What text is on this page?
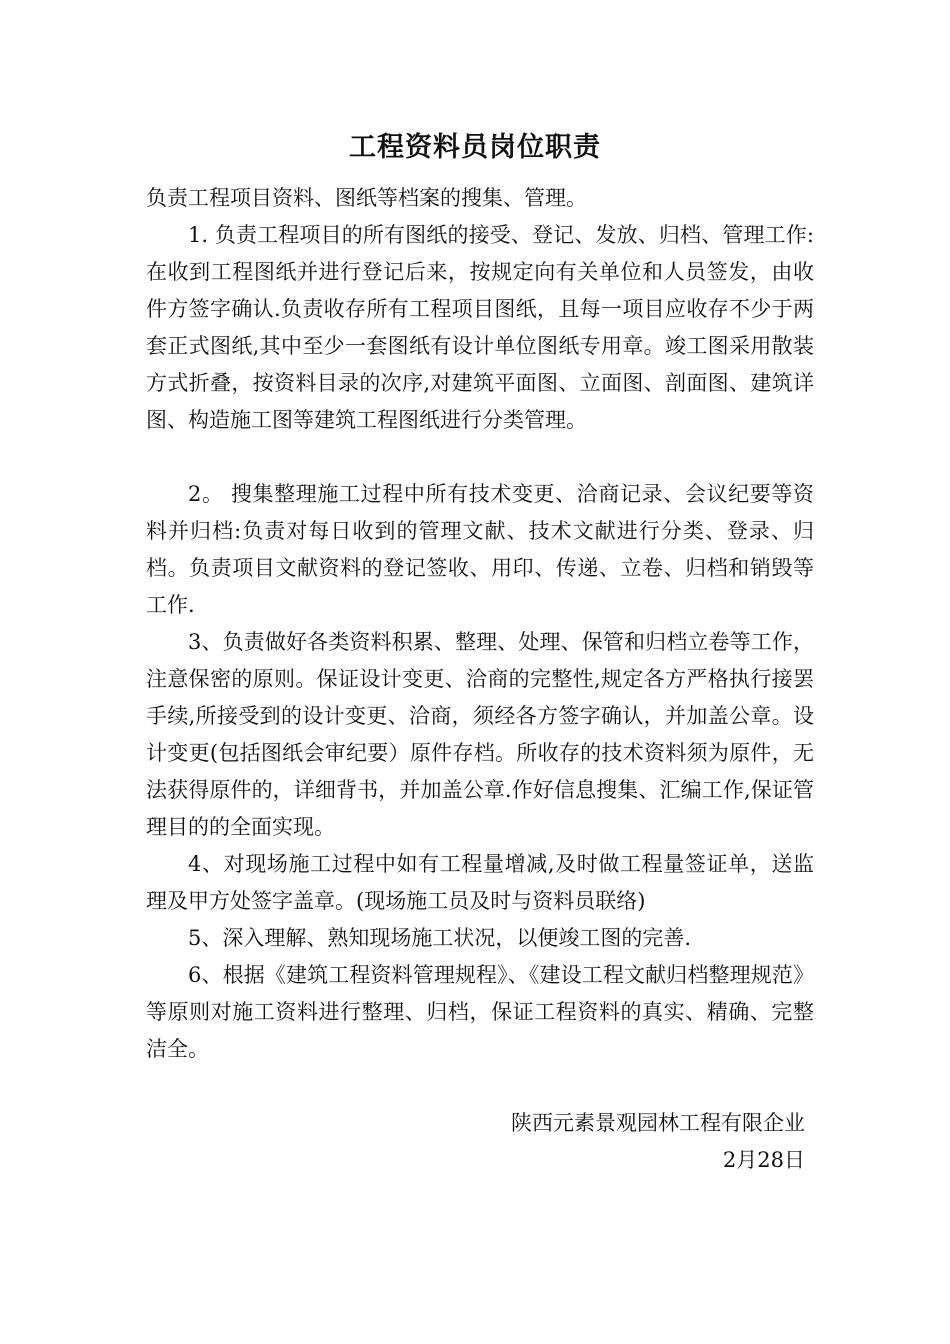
工程资料员岗位职责

负责工程项目资料、图纸等档案的搜集、管理。

1. 负责工程项目的所有图纸的接受、登记、发放、归档、管理工作:在收到工程图纸并进行登记后来，按规定向有关单位和人员签发，由收件方签字确认.负责收存所有工程项目图纸，且每一项目应收存不少于两套正式图纸,其中至少一套图纸有设计单位图纸专用章。竣工图采用散装方式折叠，按资料目录的次序,对建筑平面图、立面图、剖面图、建筑详图、构造施工图等建筑工程图纸进行分类管理。

2。 搜集整理施工过程中所有技术变更、洽商记录、会议纪要等资料并归档:负责对每日收到的管理文献、技术文献进行分类、登录、归档。负责项目文献资料的登记签收、用印、传递、立卷、归档和销毁等工作.

3、负责做好各类资料积累、整理、处理、保管和归档立卷等工作，注意保密的原则。保证设计变更、洽商的完整性,规定各方严格执行接罢手续,所接受到的设计变更、洽商，须经各方签字确认，并加盖公章。设计变更(包括图纸会审纪要）原件存档。所收存的技术资料须为原件，无法获得原件的，详细背书，并加盖公章.作好信息搜集、汇编工作,保证管理目的的全面实现。

4、对现场施工过程中如有工程量增减,及时做工程量签证单，送监理及甲方处签字盖章。(现场施工员及时与资料员联络)

5、深入理解、熟知现场施工状况，以便竣工图的完善.

6、根据《建筑工程资料管理规程》、《建设工程文献归档整理规范》等原则对施工资料进行整理、归档，保证工程资料的真实、精确、完整洁全。

陕西元素景观园林工程有限企业
2月28日
